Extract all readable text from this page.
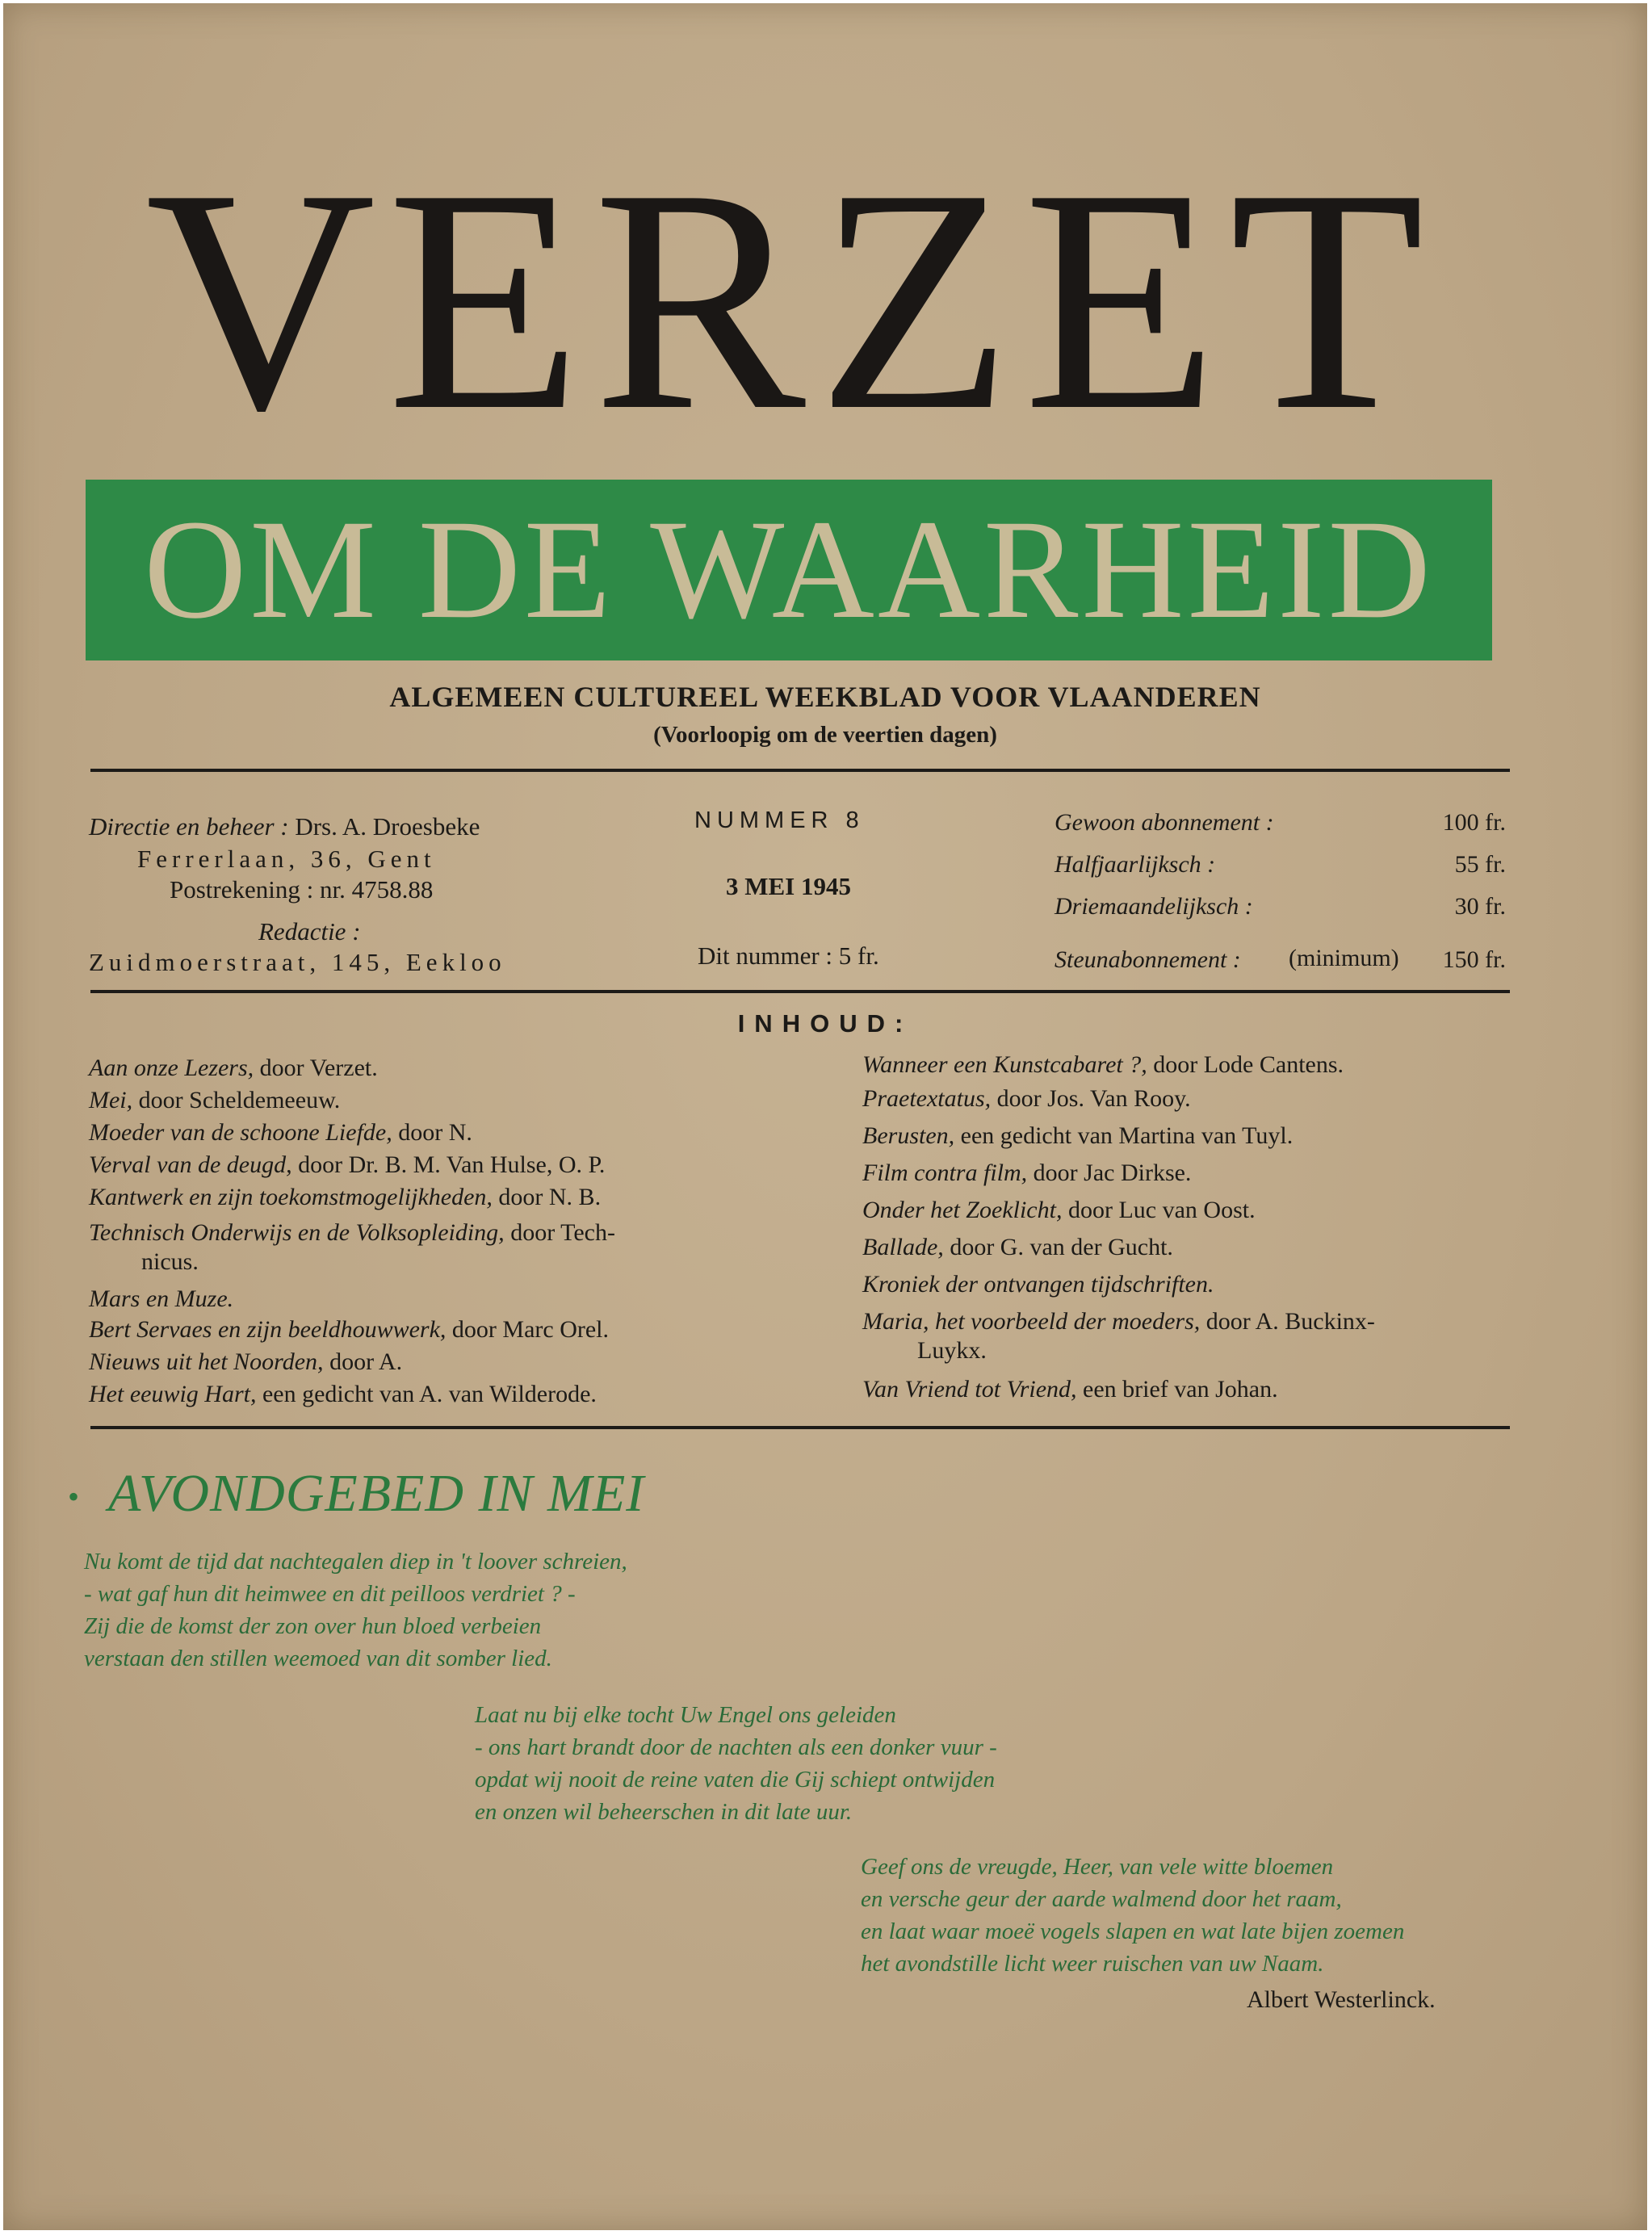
VERZET
OM DE WAARHEID
ALGEMEEN CULTUREEL WEEKBLAD VOOR VLAANDEREN
(Voorloopig om de veertien dagen)
Directie en beheer : Drs. A. Droesbeke
Ferrerlaan, 36, Gent
Postrekening : nr. 4758.88
Redactie :
Zuidmoerstraat, 145, Eekloo
NUMMER 8
3 MEI 1945
Dit nummer : 5 fr.
Gewoon abonnement :	100 fr.
Halfjaarlijksch :	55 fr.
Driemaandelijksch :	30 fr.
Steunabonnement : (minimum) 150 fr.
INHOUD:
Aan onze Lezers, door Verzet.
Mei, door Scheldemeeuw.
Moeder van de schoone Liefde, door N.
Verval van de deugd, door Dr. B. M. Van Hulse, O. P.
Kantwerk en zijn toekomstmogelijkheden, door N. B.
Technisch Onderwijs en de Volksopleiding, door Tech-
nicus.
Mars en Muze.
Bert Servaes en zijn beeldhouwwerk, door Marc Orel.
Nieuws uit het Noorden, door A.
Het eeuwig Hart, een gedicht van A. van Wilderode.
Wanneer een Kunstcabaret ?, door Lode Cantens.
Praetextatus, door Jos. Van Rooy.
Berusten, een gedicht van Martina van Tuyl.
Film contra film, door Jac Dirkse.
Onder het Zoeklicht, door Luc van Oost.
Ballade, door G. van der Gucht.
Kroniek der ontvangen tijdschriften.
Maria, het voorbeeld der moeders, door A. Buckinx-
Luykx.
Van Vriend tot Vriend, een brief van Johan.
• AVONDGEBED IN MEI
Nu komt de tijd dat nachtegalen diep in 't loover schreien,
- wat gaf hun dit heimwee en dit peilloos verdriet ? -
Zij die de komst der zon over hun bloed verbeien
verstaan den stillen weemoed van dit somber lied.
Laat nu bij elke tocht Uw Engel ons geleiden
- ons hart brandt door de nachten als een donker vuur -
opdat wij nooit de reine vaten die Gij schiept ontwijden
en onzen wil beheerschen in dit late uur.
Geef ons de vreugde, Heer, van vele witte bloemen
en versche geur der aarde walmend door het raam,
en laat waar moeë vogels slapen en wat late bijen zoemen
het avondstille licht weer ruischen van uw Naam.
Albert Westerlinck.
